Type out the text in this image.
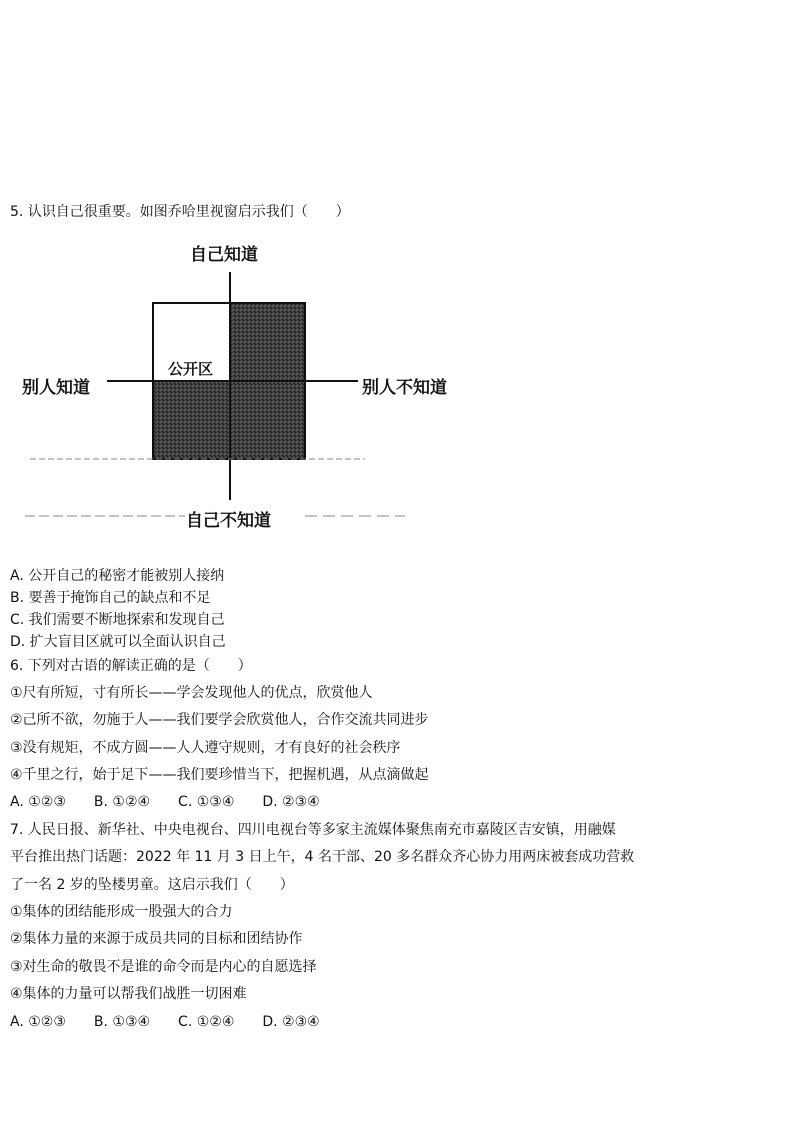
5. 认识自己很重要。如图乔哈里视窗启示我们（　　）
自己知道
自己不知道
别人知道	别人不知道
公开区
A. 公开自己的秘密才能被别人接纳
B. 要善于掩饰自己的缺点和不足
C. 我们需要不断地探索和发现自己
D. 扩大盲目区就可以全面认识自己
6. 下列对古语的解读正确的是（　　）
①尺有所短，寸有所长——学会发现他人的优点，欣赏他人
②己所不欲，勿施于人——我们要学会欣赏他人，合作交流共同进步
③没有规矩，不成方圆——人人遵守规则，才有良好的社会秩序
④千里之行，始于足下——我们要珍惜当下，把握机遇，从点滴做起
A. ①②③　　B. ①②④　　C. ①③④　　D. ②③④
7. 人民日报、新华社、中央电视台、四川电视台等多家主流媒体聚焦南充市嘉陵区吉安镇，用融媒
平台推出热门话题：2022 年 11 月 3 日上午，4 名干部、20 多名群众齐心协力用两床被套成功营救
了一名 2 岁的坠楼男童。这启示我们（　　）
①集体的团结能形成一股强大的合力
②集体力量的来源于成员共同的目标和团结协作
③对生命的敬畏不是谁的命令而是内心的自愿选择
④集体的力量可以帮我们战胜一切困难
A. ①②③　　B. ①③④　　C. ①②④　　D. ②③④
